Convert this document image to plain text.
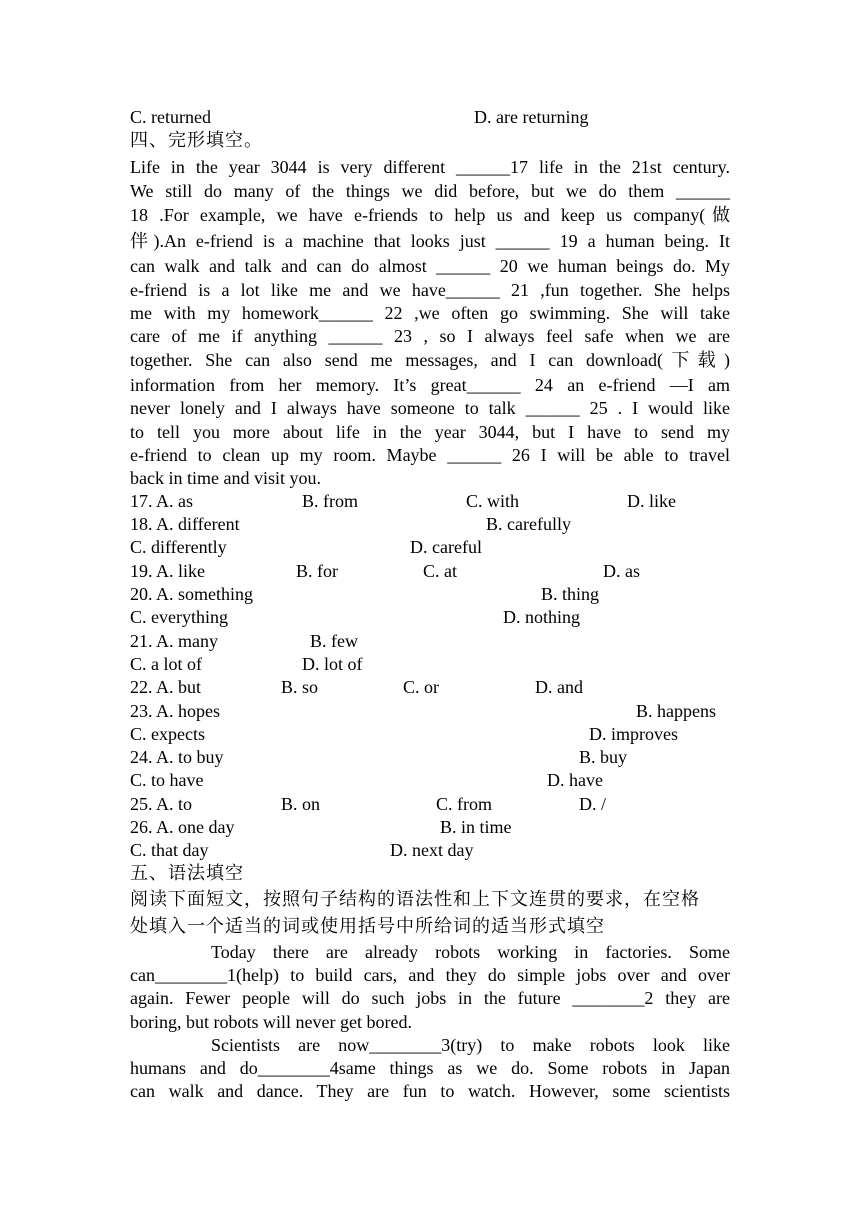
C. returned	D. are returning
四、完形填空。
Life in the year 3044 is very different ______17 life in the 21st century.
We still do many of the things we did before, but we do them ______
18 .For example, we have e-friends to help us and keep us company(做
伴).An e-friend is a machine that looks just ______ 19 a human being. It
can walk and talk and can do almost ______ 20 we human beings do. My
e-friend is a lot like me and we have______ 21 ,fun together. She helps
me with my homework______ 22 ,we often go swimming. She will take
care of me if anything ______ 23 , so I always feel safe when we are
together. She can also send me messages, and I can download(下载)
information from her memory. It’s great______ 24 an e-friend —I am
never lonely and I always have someone to talk ______ 25 . I would like
to tell you more about life in the year 3044, but I have to send my
e-friend to clean up my room. Maybe ______ 26 I will be able to travel
back in time and visit you.
17. A. as	B. from	C. with	D. like
18. A. different	B. carefully
C. differently	D. careful
19. A. like	B. for	C. at	D. as
20. A. something	B. thing
C. everything	D. nothing
21. A. many	B. few
C. a lot of	D. lot of
22. A. but	B. so	C. or	D. and
23. A. hopes	B. happens
C. expects	D. improves
24. A. to buy	B. buy
C. to have	D. have
25. A. to	B. on	C. from	D. /
26. A. one day	B. in time
C. that day	D. next day
五、语法填空
阅读下面短文，按照句子结构的语法性和上下文连贯的要求，在空格
处填入一个适当的词或使用括号中所给词的适当形式填空
Today there are already robots working in factories. Some
can________1(help) to build cars, and they do simple jobs over and over
again. Fewer people will do such jobs in the future ________2 they are
boring, but robots will never get bored.
Scientists are now________3(try) to make robots look like
humans and do________4same things as we do. Some robots in Japan
can walk and dance. They are fun to watch. However, some scientists
